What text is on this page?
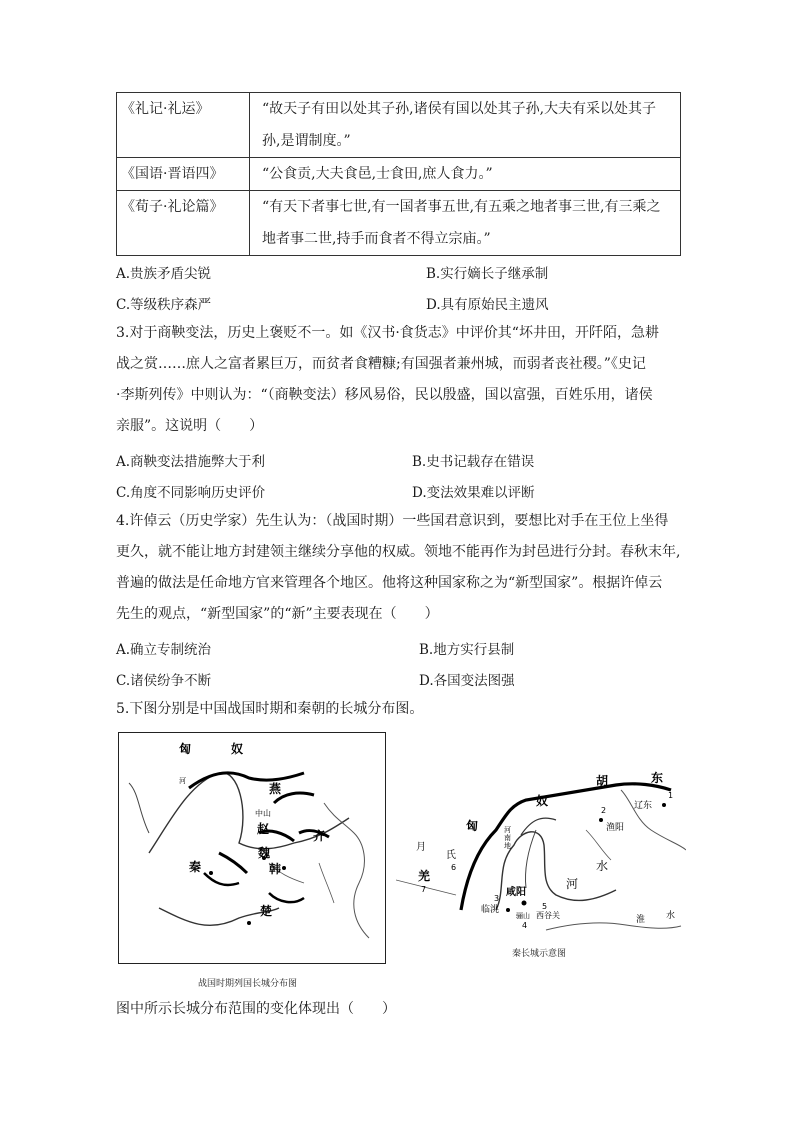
《礼记·礼运》	“故天子有田以处其子孙,诸侯有国以处其子孙,大夫有采以处其子
孙,是谓制度。”

《国语·晋语四》	“公食贡,大夫食邑,士食田,庶人食力。”

《荀子·礼论篇》	“有天下者事七世,有一国者事五世,有五乘之地者事三世,有三乘之
地者事二世,持手而食者不得立宗庙。”
A.贵族矛盾尖锐	B.实行嫡长子继承制
C.等级秩序森严	D.具有原始民主遗风
3.对于商鞅变法，历史上褒贬不一。如《汉书·食货志》中评价其“坏井田，开阡陌，急耕
战之赏……庶人之富者累巨万，而贫者食糟糠;有国强者兼州城，而弱者丧社稷。”《史记
·李斯列传》中则认为：“（商鞅变法）移风易俗，民以殷盛，国以富强，百姓乐用，诸侯
亲服”。这说明（　　）
A.商鞅变法措施弊大于利	B.史书记载存在错误
C.角度不同影响历史评价	D.变法效果难以评断
4.许倬云（历史学家）先生认为：（战国时期）一些国君意识到，要想比对手在王位上坐得
更久，就不能让地方封建领主继续分享他的权威。领地不能再作为封邑进行分封。春秋末年,
普遍的做法是任命地方官来管理各个地区。他将这种国家称之为“新型国家”。根据许倬云
先生的观点，“新型国家”的“新”主要表现在（　　）
A.确立专制统治	B.地方实行县制
C.诸侯纷争不断	D.各国变法图强
5.下图分别是中国战国时期和秦朝的长城分布图。
匈	奴
燕
中山
赵	齐
魏
秦	韩
楚
河
战国时期列国长城分布图
胡	东
匈
奴
月
氏
羌
河
南
地
辽东
渔阳
咸阳
临洮
西谷关
骊山
河
水
淮 水
2
1
3
4
5
6
7
秦长城示意图
图中所示长城分布范围的变化体现出（　　）
